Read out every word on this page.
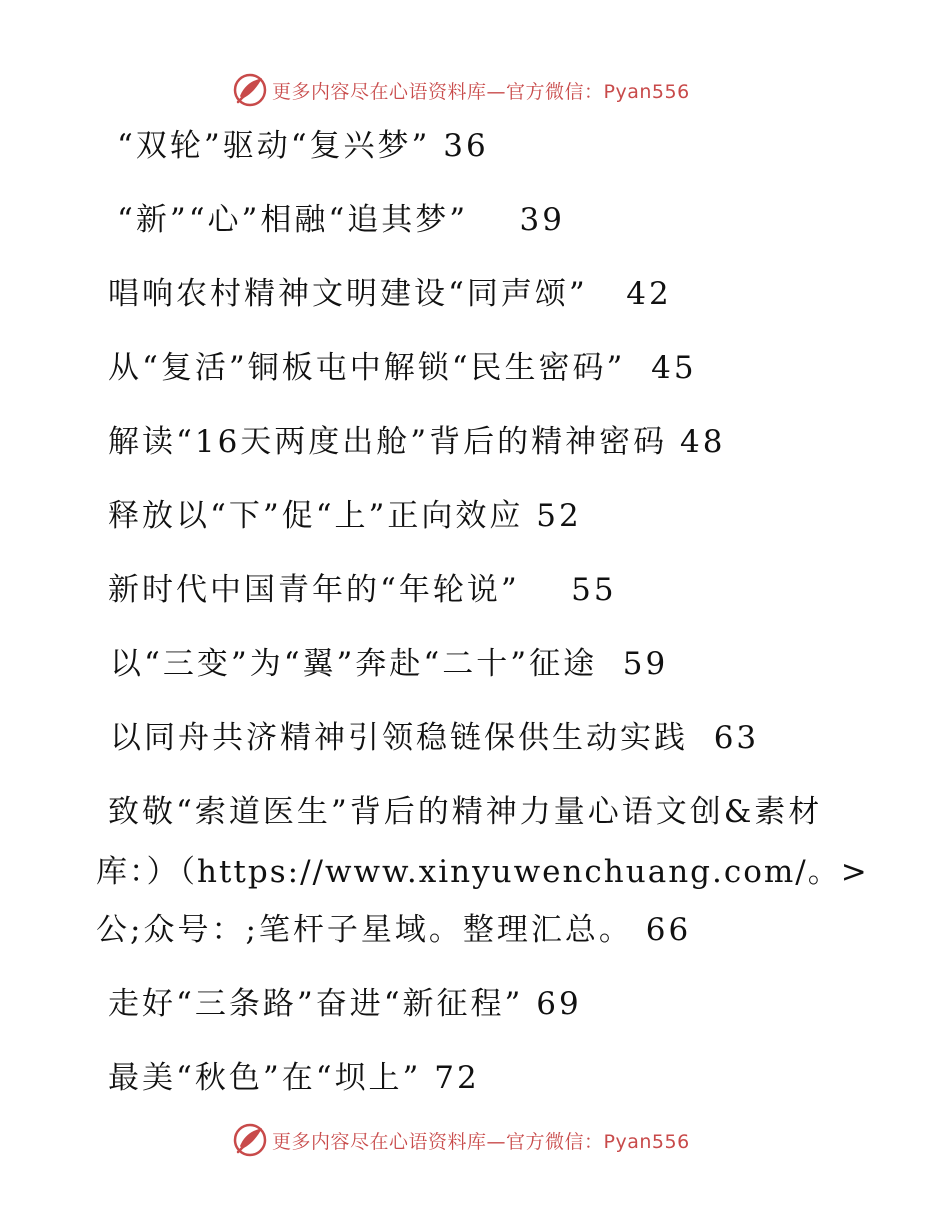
更多内容尽在心语资料库—官方微信：Pyan556
“双轮”驱动“复兴梦” 36
“新”“心”相融“追其梦”    39
唱响农村精神文明建设“同声颂”   42
从“复活”铜板屯中解锁“民生密码”  45
解读“16天两度出舱”背后的精神密码 48
释放以“下”促“上”正向效应 52
新时代中国青年的“年轮说”    55
以“三变”为“翼”奔赴“二十”征途  59
以同舟共济精神引领稳链保供生动实践  63
致敬“索道医生”背后的精神力量心语文创&素材
库：）（https://www.xinyuwenchuang.com/。>
公;众号：;笔杆子星域。整理汇总。 66
走好“三条路”奋进“新征程” 69
最美“秋色”在“坝上” 72
更多内容尽在心语资料库—官方微信：Pyan556
